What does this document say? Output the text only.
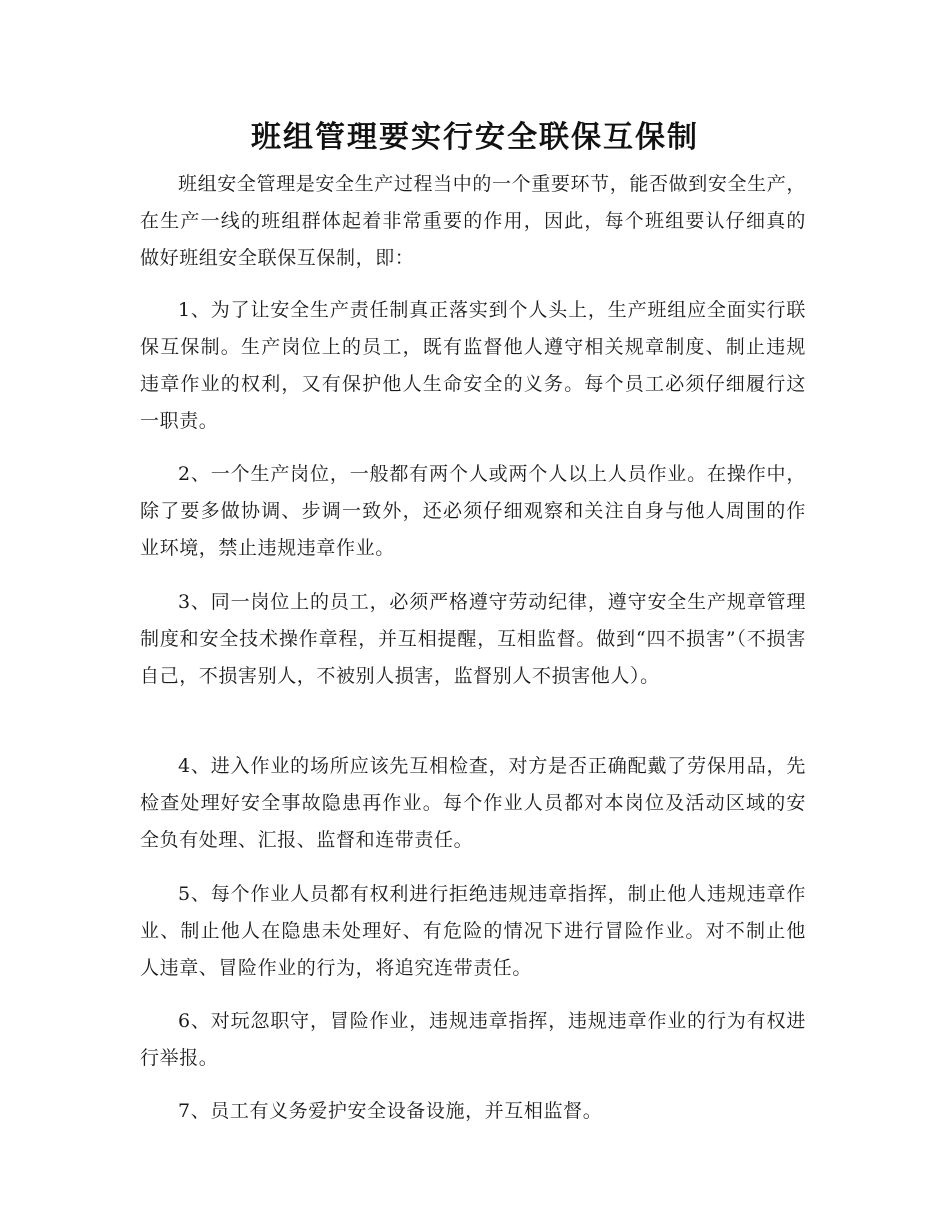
班组管理要实行安全联保互保制

班组安全管理是安全生产过程当中的一个重要环节，能否做到安全生产，在生产一线的班组群体起着非常重要的作用，因此，每个班组要认仔细真的做好班组安全联保互保制，即：

1、为了让安全生产责任制真正落实到个人头上，生产班组应全面实行联保互保制。生产岗位上的员工，既有监督他人遵守相关规章制度、制止违规违章作业的权利，又有保护他人生命安全的义务。每个员工必须仔细履行这一职责。

2、一个生产岗位，一般都有两个人或两个人以上人员作业。在操作中，除了要多做协调、步调一致外，还必须仔细观察和关注自身与他人周围的作业环境，禁止违规违章作业。

3、同一岗位上的员工，必须严格遵守劳动纪律，遵守安全生产规章管理制度和安全技术操作章程，并互相提醒，互相监督。做到“四不损害”（不损害自己，不损害别人，不被别人损害，监督别人不损害他人）。

4、进入作业的场所应该先互相检查，对方是否正确配戴了劳保用品，先检查处理好安全事故隐患再作业。每个作业人员都对本岗位及活动区域的安全负有处理、汇报、监督和连带责任。

5、每个作业人员都有权利进行拒绝违规违章指挥，制止他人违规违章作业、制止他人在隐患未处理好、有危险的情况下进行冒险作业。对不制止他人违章、冒险作业的行为，将追究连带责任。

6、对玩忽职守，冒险作业，违规违章指挥，违规违章作业的行为有权进行举报。

7、员工有义务爱护安全设备设施，并互相监督。
